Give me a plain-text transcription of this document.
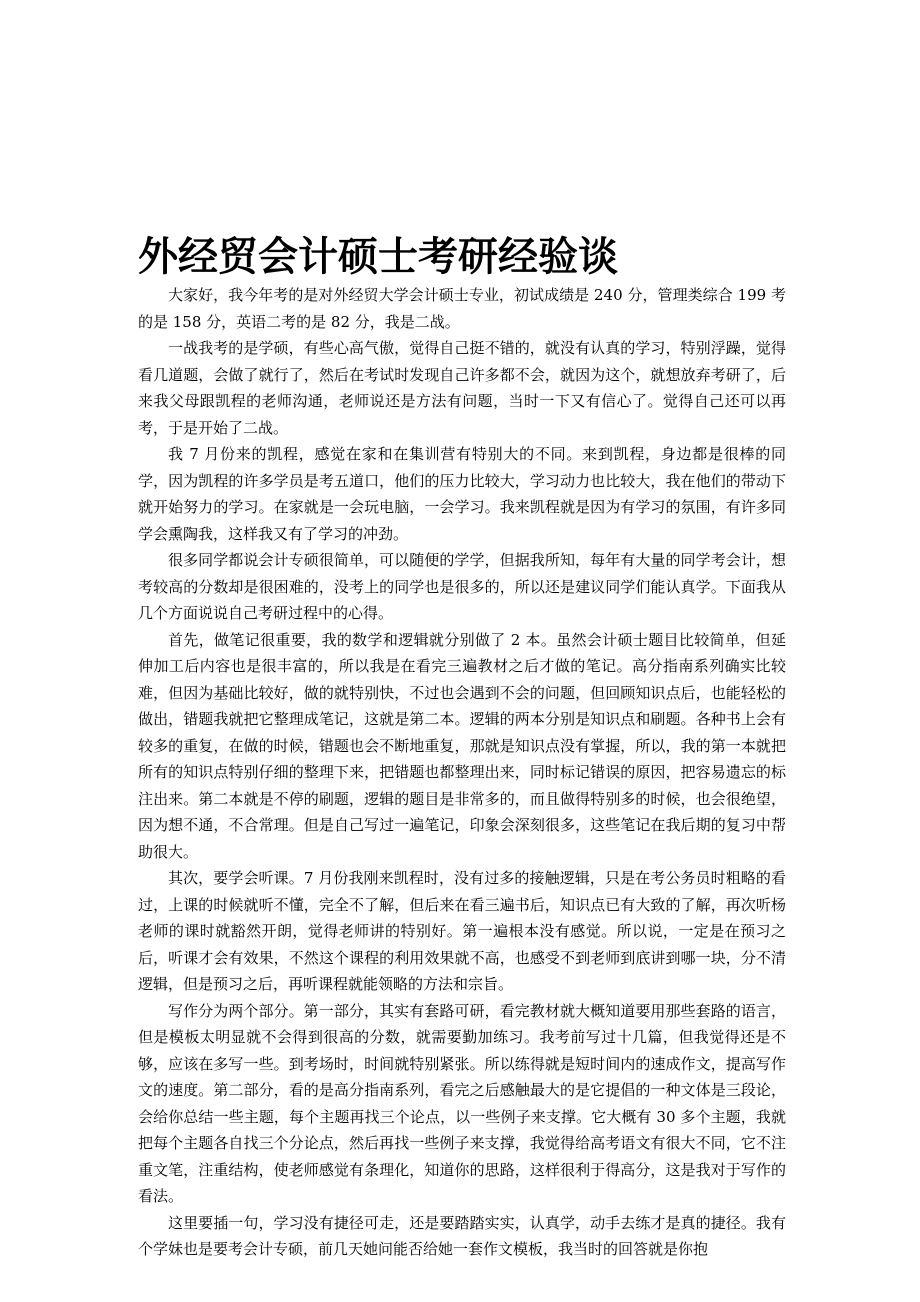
外经贸会计硕士考研经验谈

大家好，我今年考的是对外经贸大学会计硕士专业，初试成绩是 240 分，管理类综合 199 考的是 158 分，英语二考的是 82 分，我是二战。

一战我考的是学硕，有些心高气傲，觉得自己挺不错的，就没有认真的学习，特别浮躁，觉得看几道题，会做了就行了，然后在考试时发现自己许多都不会，就因为这个，就想放弃考研了，后来我父母跟凯程的老师沟通，老师说还是方法有问题，当时一下又有信心了。觉得自己还可以再考，于是开始了二战。

我 7 月份来的凯程，感觉在家和在集训营有特别大的不同。来到凯程，身边都是很棒的同学，因为凯程的许多学员是考五道口，他们的压力比较大，学习动力也比较大，我在他们的带动下就开始努力的学习。在家就是一会玩电脑，一会学习。我来凯程就是因为有学习的氛围，有许多同学会熏陶我，这样我又有了学习的冲劲。

很多同学都说会计专硕很简单，可以随便的学学，但据我所知，每年有大量的同学考会计，想考较高的分数却是很困难的，没考上的同学也是很多的，所以还是建议同学们能认真学。下面我从几个方面说说自己考研过程中的心得。

首先，做笔记很重要，我的数学和逻辑就分别做了 2 本。虽然会计硕士题目比较简单，但延伸加工后内容也是很丰富的，所以我是在看完三遍教材之后才做的笔记。高分指南系列确实比较难，但因为基础比较好，做的就特别快，不过也会遇到不会的问题，但回顾知识点后，也能轻松的做出，错题我就把它整理成笔记，这就是第二本。逻辑的两本分别是知识点和刷题。各种书上会有较多的重复，在做的时候，错题也会不断地重复，那就是知识点没有掌握，所以，我的第一本就把所有的知识点特别仔细的整理下来，把错题也都整理出来，同时标记错误的原因，把容易遗忘的标注出来。第二本就是不停的刷题，逻辑的题目是非常多的，而且做得特别多的时候，也会很绝望，因为想不通，不合常理。但是自己写过一遍笔记，印象会深刻很多，这些笔记在我后期的复习中帮助很大。

其次，要学会听课。7 月份我刚来凯程时，没有过多的接触逻辑，只是在考公务员时粗略的看过，上课的时候就听不懂，完全不了解，但后来在看三遍书后，知识点已有大致的了解，再次听杨老师的课时就豁然开朗，觉得老师讲的特别好。第一遍根本没有感觉。所以说，一定是在预习之后，听课才会有效果，不然这个课程的利用效果就不高，也感受不到老师到底讲到哪一块，分不清逻辑，但是预习之后，再听课程就能领略的方法和宗旨。

写作分为两个部分。第一部分，其实有套路可研，看完教材就大概知道要用那些套路的语言，但是模板太明显就不会得到很高的分数，就需要勤加练习。我考前写过十几篇，但我觉得还是不够，应该在多写一些。到考场时，时间就特别紧张。所以练得就是短时间内的速成作文，提高写作文的速度。第二部分，看的是高分指南系列，看完之后感触最大的是它提倡的一种文体是三段论，会给你总结一些主题，每个主题再找三个论点，以一些例子来支撑。它大概有 30 多个主题，我就把每个主题各自找三个分论点，然后再找一些例子来支撑，我觉得给高考语文有很大不同，它不注重文笔，注重结构，使老师感觉有条理化，知道你的思路，这样很利于得高分，这是我对于写作的看法。

这里要插一句，学习没有捷径可走，还是要踏踏实实，认真学，动手去练才是真的捷径。我有个学妹也是要考会计专硕，前几天她问能否给她一套作文模板，我当时的回答就是你抱
